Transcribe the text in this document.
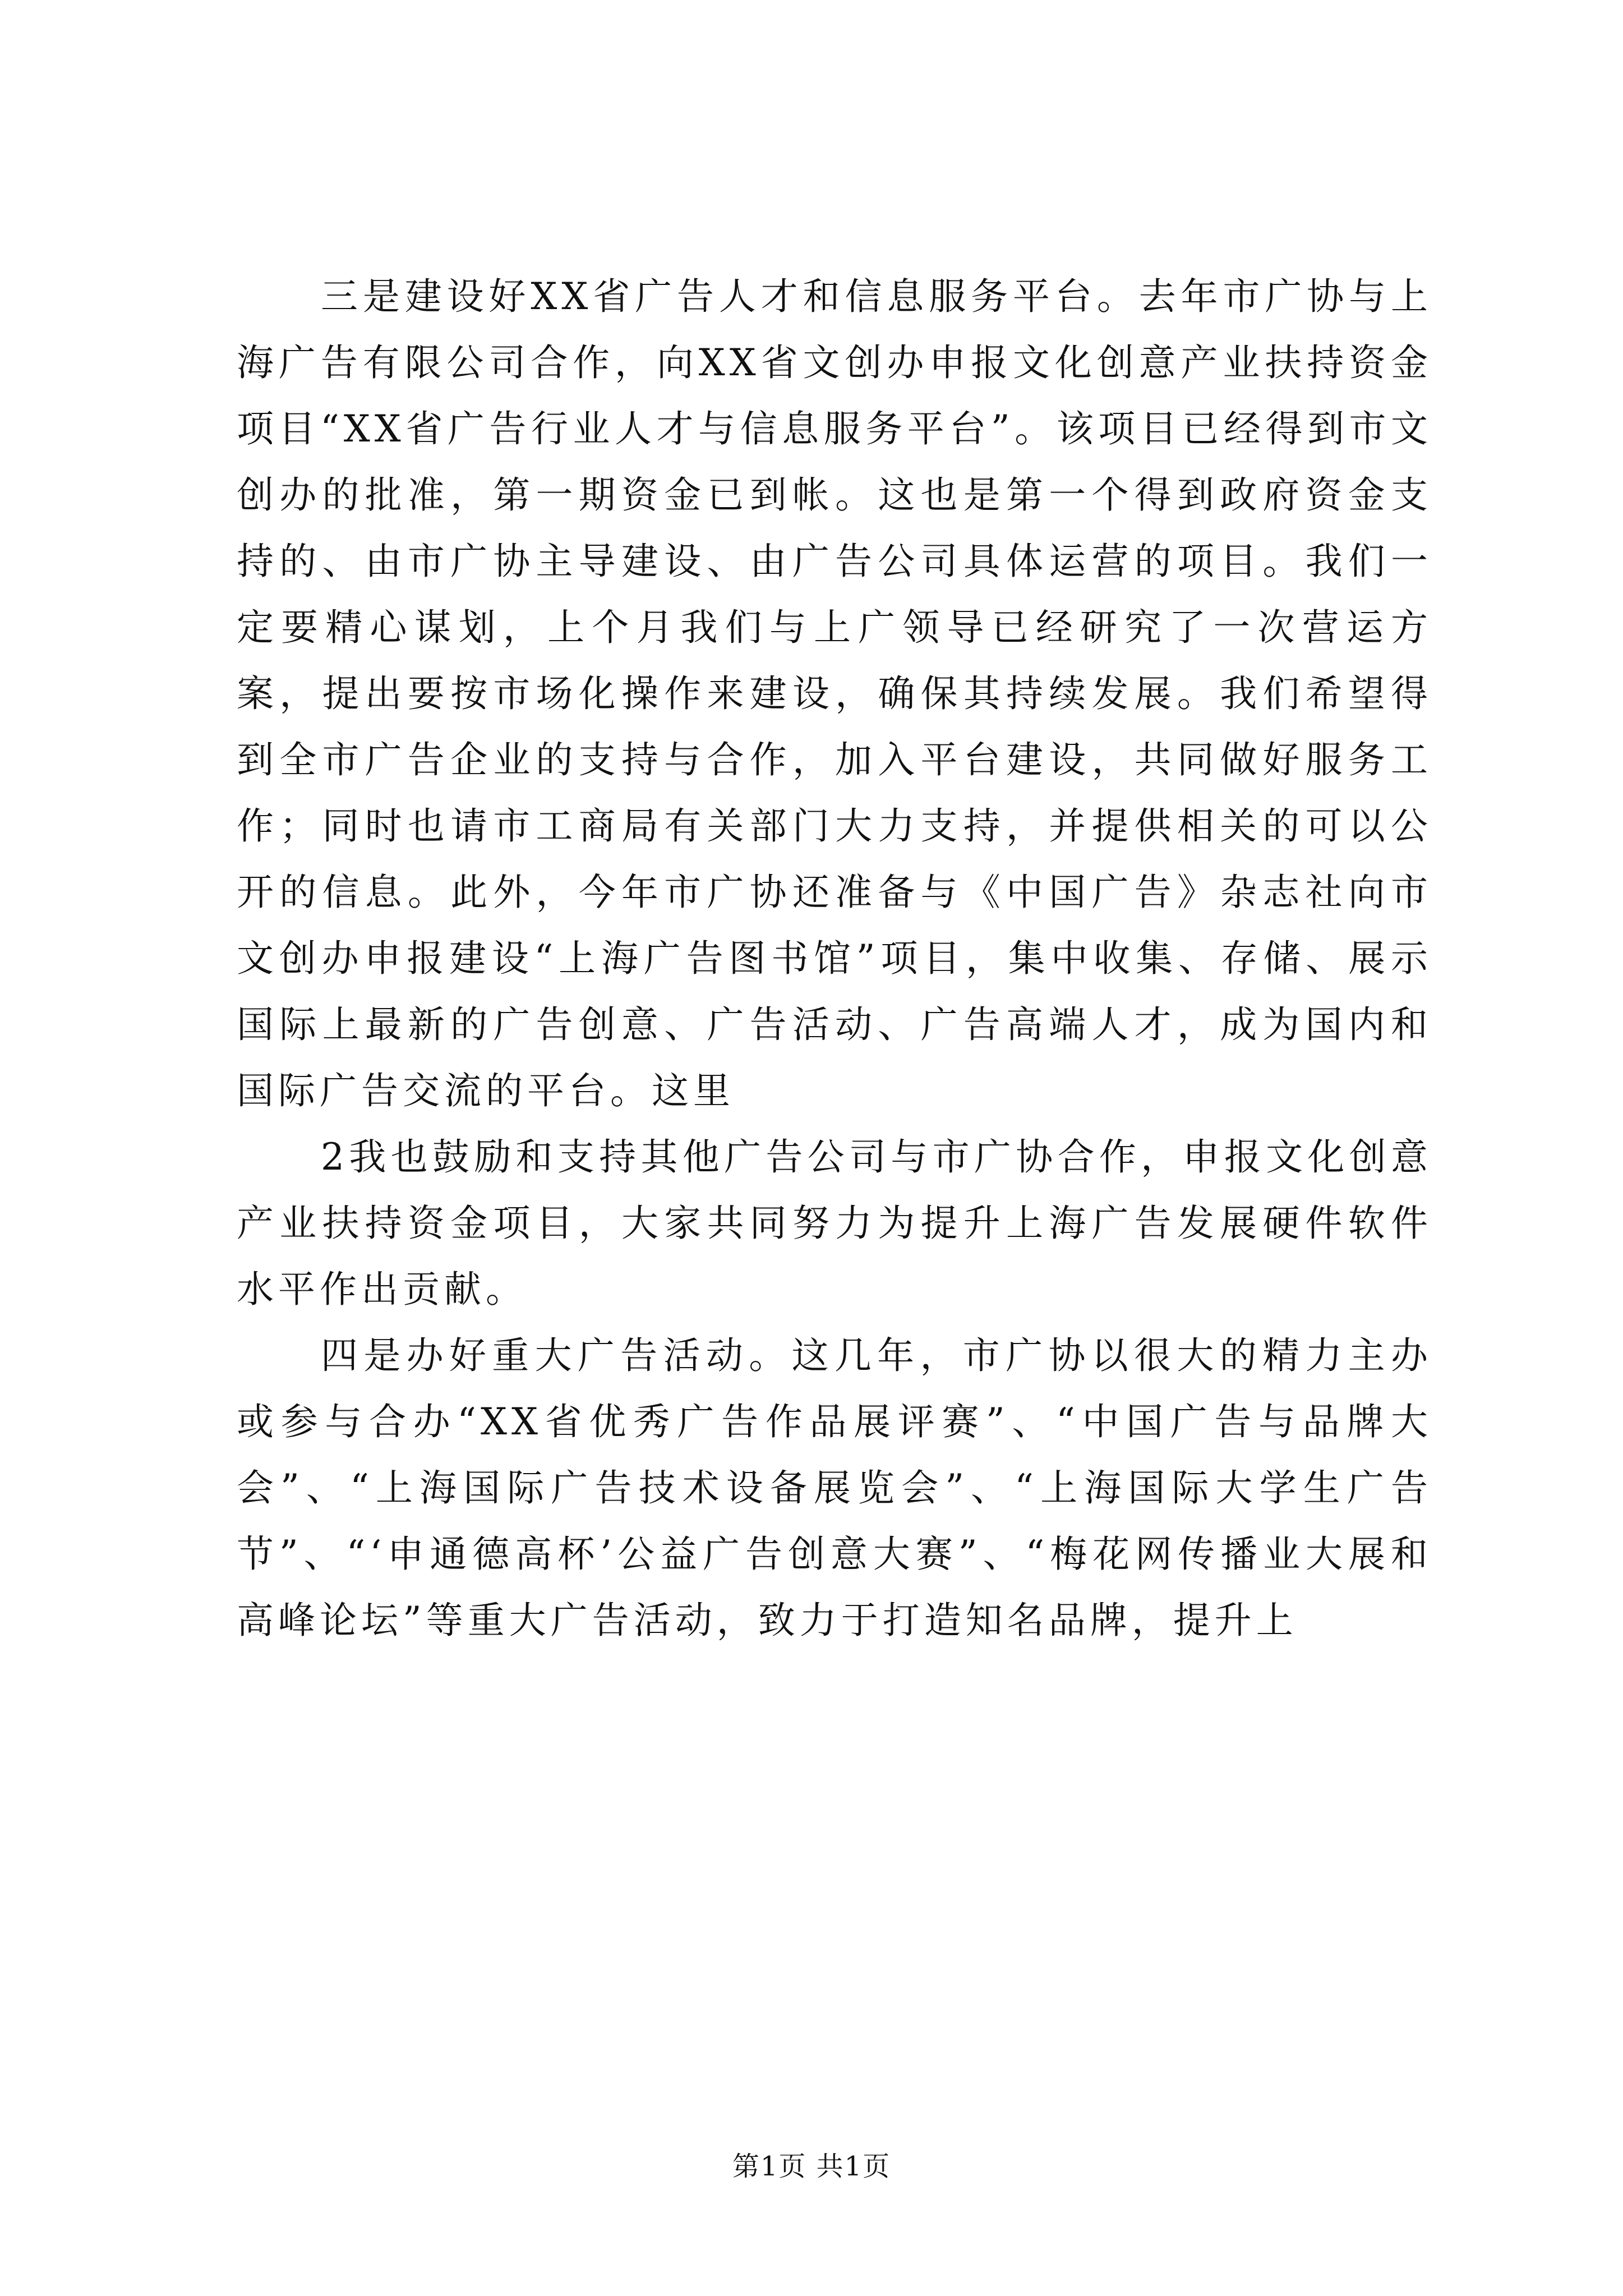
三是建设好XX省广告人才和信息服务平台。去年市广协与上海广告有限公司合作，向XX省文创办申报文化创意产业扶持资金项目“XX省广告行业人才与信息服务平台”。该项目已经得到市文创办的批准，第一期资金已到帐。这也是第一个得到政府资金支持的、由市广协主导建设、由广告公司具体运营的项目。我们一定要精心谋划，上个月我们与上广领导已经研究了一次营运方案，提出要按市场化操作来建设，确保其持续发展。我们希望得到全市广告企业的支持与合作，加入平台建设，共同做好服务工作；同时也请市工商局有关部门大力支持，并提供相关的可以公开的信息。此外，今年市广协还准备与《中国广告》杂志社向市文创办申报建设“上海广告图书馆”项目，集中收集、存储、展示国际上最新的广告创意、广告活动、广告高端人才，成为国内和国际广告交流的平台。这里

2我也鼓励和支持其他广告公司与市广协合作，申报文化创意产业扶持资金项目，大家共同努力为提升上海广告发展硬件软件水平作出贡献。

四是办好重大广告活动。这几年，市广协以很大的精力主办或参与合办“XX省优秀广告作品展评赛”、“中国广告与品牌大会”、“上海国际广告技术设备展览会”、“上海国际大学生广告节”、“‘申通德高杯’公益广告创意大赛”、“梅花网传播业大展和高峰论坛”等重大广告活动，致力于打造知名品牌，提升上

第1页 共1页
